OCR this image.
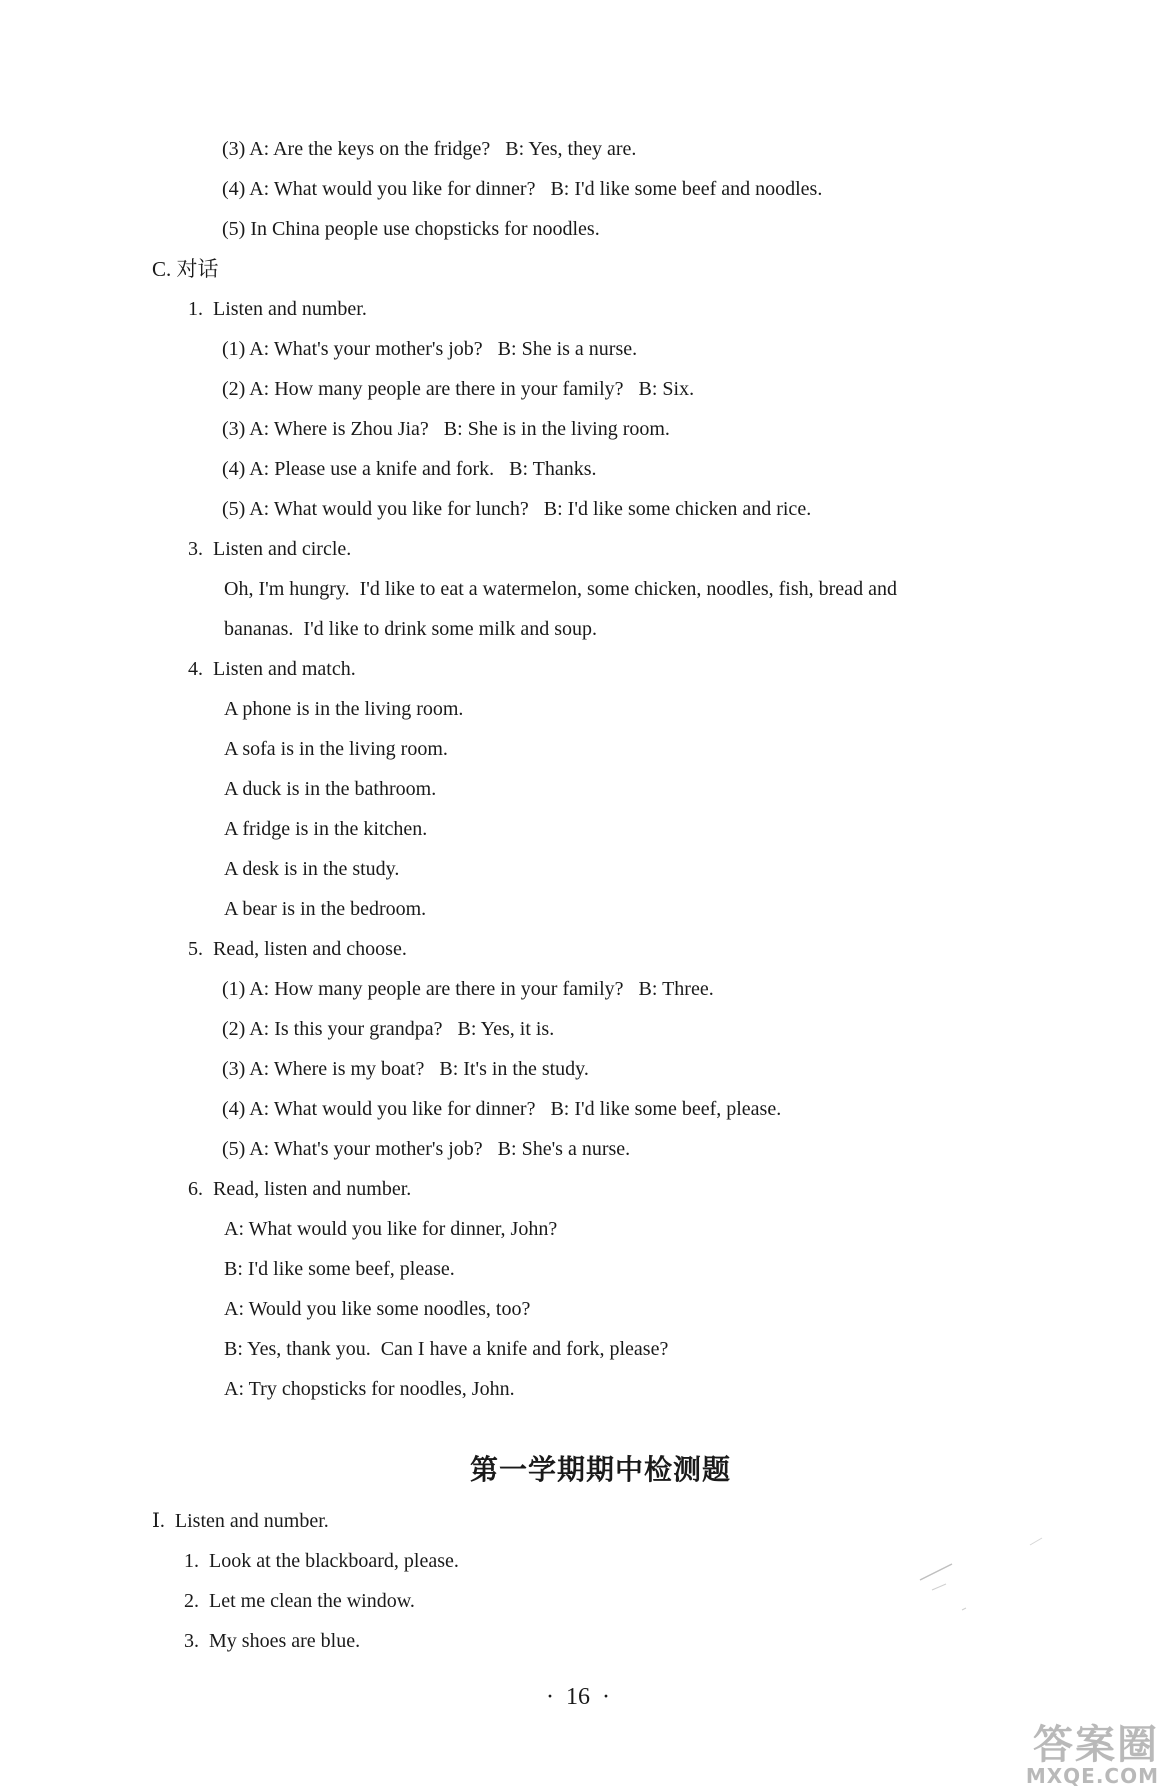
(3) A: Are the keys on the fridge?   B: Yes, they are.
(4) A: What would you like for dinner?   B: I'd like some beef and noodles.
(5) In China people use chopsticks for noodles.
C. 对话
1.  Listen and number.
(1) A: What's your mother's job?   B: She is a nurse.
(2) A: How many people are there in your family?   B: Six.
(3) A: Where is Zhou Jia?   B: She is in the living room.
(4) A: Please use a knife and fork.   B: Thanks.
(5) A: What would you like for lunch?   B: I'd like some chicken and rice.
3.  Listen and circle.
Oh, I'm hungry.  I'd like to eat a watermelon, some chicken, noodles, fish, bread and
bananas.  I'd like to drink some milk and soup.
4.  Listen and match.
A phone is in the living room.
A sofa is in the living room.
A duck is in the bathroom.
A fridge is in the kitchen.
A desk is in the study.
A bear is in the bedroom.
5.  Read, listen and choose.
(1) A: How many people are there in your family?   B: Three.
(2) A: Is this your grandpa?   B: Yes, it is.
(3) A: Where is my boat?   B: It's in the study.
(4) A: What would you like for dinner?   B: I'd like some beef, please.
(5) A: What's your mother's job?   B: She's a nurse.
6.  Read, listen and number.
A: What would you like for dinner, John?
B: I'd like some beef, please.
A: Would you like some noodles, too?
B: Yes, thank you.  Can I have a knife and fork, please?
A: Try chopsticks for noodles, John.
第一学期期中检测题
Ⅰ.  Listen and number.
1.  Look at the blackboard, please.
2.  Let me clean the window.
3.  My shoes are blue.
·  16  ·
答案圈
MXQE.COM
